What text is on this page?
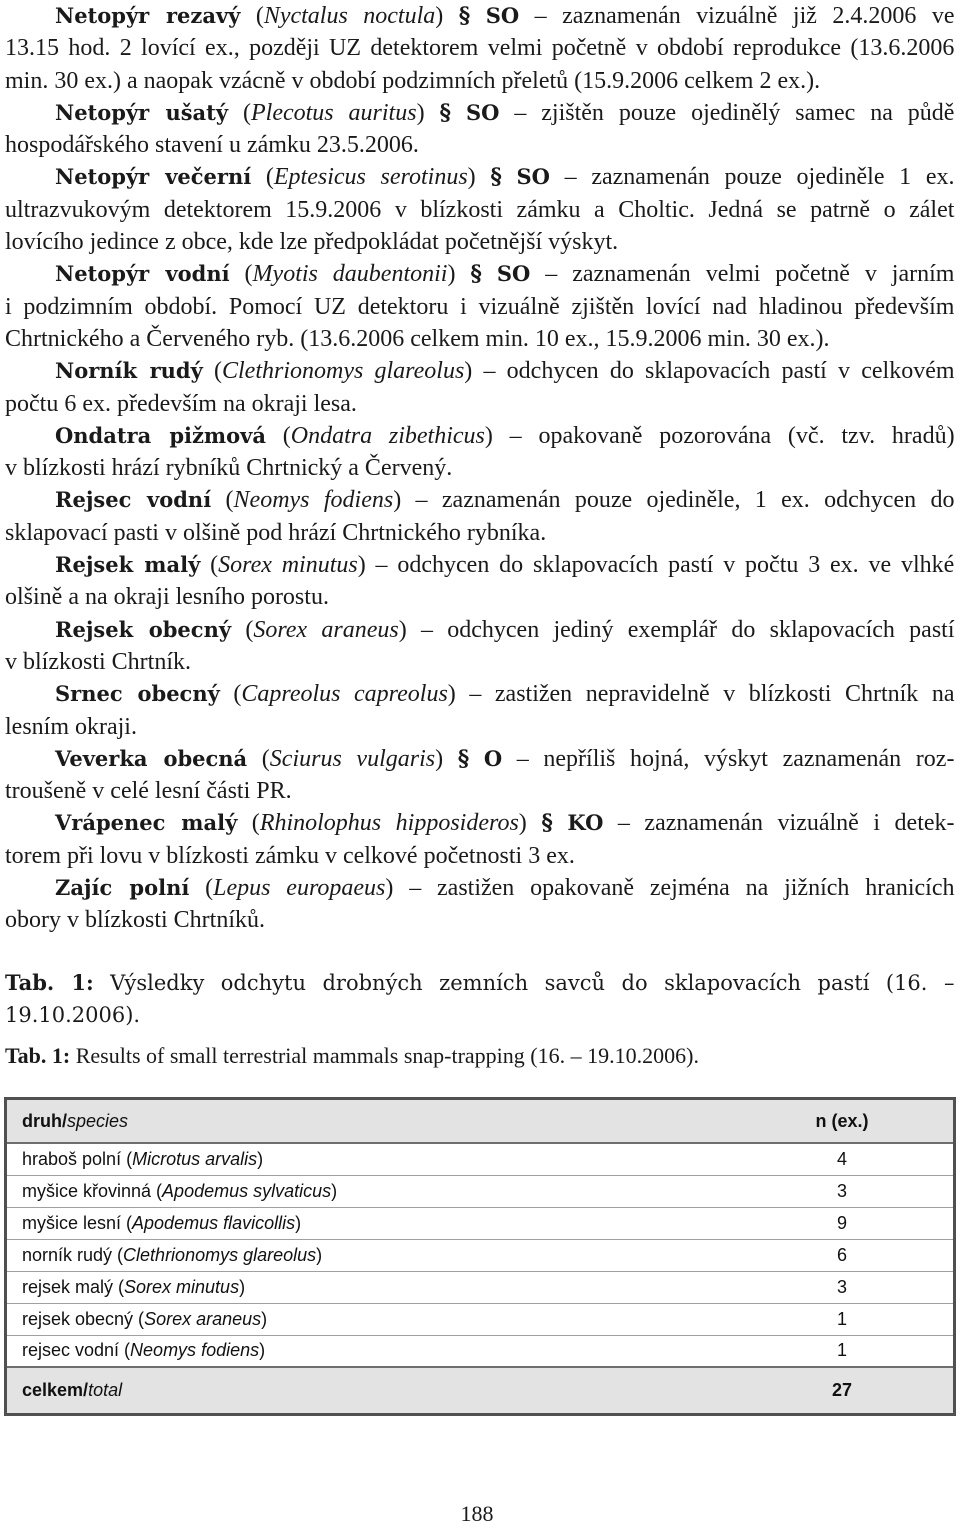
Netopýr rezavý (Nyctalus noctula) § SO – zaznamenán vizuálně již 2.4.2006 ve
13.15 hod. 2 lovící ex., později UZ detektorem velmi početně v období reprodukce (13.6.2006
min. 30 ex.) a naopak vzácně v období podzimních přeletů (15.9.2006 celkem 2 ex.).
Netopýr ušatý (Plecotus auritus) § SO – zjištěn pouze ojedinělý samec na půdě
hospodářského stavení u zámku 23.5.2006.
Netopýr večerní (Eptesicus serotinus) § SO – zaznamenán pouze ojediněle 1 ex.
ultrazvukovým detektorem 15.9.2006 v blízkosti zámku a Choltic. Jedná se patrně o zálet
lovícího jedince z obce, kde lze předpokládat početnější výskyt.
Netopýr vodní (Myotis daubentonii) § SO – zaznamenán velmi početně v jarním
i podzimním období. Pomocí UZ detektoru i vizuálně zjištěn lovící nad hladinou především
Chrtnického a Červeného ryb. (13.6.2006 celkem min. 10 ex., 15.9.2006 min. 30 ex.).
Norník rudý (Clethrionomys glareolus) – odchycen do sklapovacích pastí v celkovém
počtu 6 ex. především na okraji lesa.
Ondatra pižmová (Ondatra zibethicus) – opakovaně pozorována (vč. tzv. hradů)
v blízkosti hrází rybníků Chrtnický a Červený.
Rejsec vodní (Neomys fodiens) – zaznamenán pouze ojediněle, 1 ex. odchycen do
sklapovací pasti v olšině pod hrází Chrtnického rybníka.
Rejsek malý (Sorex minutus) – odchycen do sklapovacích pastí v počtu 3 ex. ve vlhké
olšině a na okraji lesního porostu.
Rejsek obecný (Sorex araneus) – odchycen jediný exemplář do sklapovacích pastí
v blízkosti Chrtník.
Srnec obecný (Capreolus capreolus) – zastižen nepravidelně v blízkosti Chrtník na
lesním okraji.
Veverka obecná (Sciurus vulgaris) § O – nepříliš hojná, výskyt zaznamenán roz-
troušeně v celé lesní části PR.
Vrápenec malý (Rhinolophus hipposideros) § KO – zaznamenán vizuálně i detek-
torem při lovu v blízkosti zámku v celkové početnosti 3 ex.
Zajíc polní (Lepus europaeus) – zastižen opakovaně zejména na jižních hranicích
obory v blízkosti Chrtníků.
Tab. 1: Výsledky odchytu drobných zemních savců do sklapovacích pastí (16. –
19.10.2006).
Tab. 1: Results of small terrestrial mammals snap-trapping (16. – 19.10.2006).
druh/species	n (ex.)
hraboš polní (Microtus arvalis)	4
myšice křovinná (Apodemus sylvaticus)	3
myšice lesní (Apodemus flavicollis)	9
norník rudý (Clethrionomys glareolus)	6
rejsek malý (Sorex minutus)	3
rejsek obecný (Sorex araneus)	1
rejsec vodní (Neomys fodiens)	1
celkem/total	27
188
